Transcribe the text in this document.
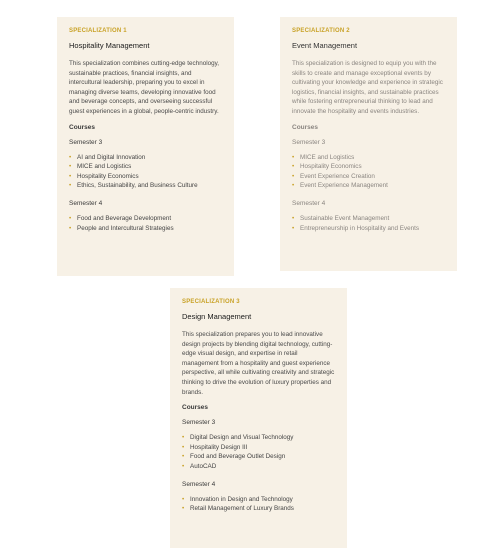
SPECIALIZATION 1
Hospitality Management
This specialization combines cutting-edge technology, sustainable practices, financial insights, and intercultural leadership, preparing you to excel in managing diverse teams, developing innovative food and beverage concepts, and overseeing successful guest experiences in a global, people-centric industry.
Courses
Semester 3
• AI and Digital Innovation
• MICE and Logistics
• Hospitality Economics
• Ethics, Sustainability, and Business Culture
Semester 4
• Food and Beverage Development
• People and Intercultural Strategies
SPECIALIZATION 2
Event Management
This specialization is designed to equip you with the skills to create and manage exceptional events by cultivating your knowledge and experience in strategic logistics, financial insights, and sustainable practices while fostering entrepreneurial thinking to lead and innovate the hospitality and events industries.
Courses
Semester 3
• MICE and Logistics
• Hospitality Economics
• Event Experience Creation
• Event Experience Management
Semester 4
• Sustainable Event Management
• Entrepreneurship in Hospitality and Events
SPECIALIZATION 3
Design Management
This specialization prepares you to lead innovative design projects by blending digital technology, cutting-edge visual design, and expertise in retail management from a hospitality and guest experience perspective, all while cultivating creativity and strategic thinking to drive the evolution of luxury properties and brands.
Courses
Semester 3
• Digital Design and Visual Technology
• Hospitality Design III
• Food and Beverage Outlet Design
• AutoCAD
Semester 4
• Innovation in Design and Technology
• Retail Management of Luxury Brands
